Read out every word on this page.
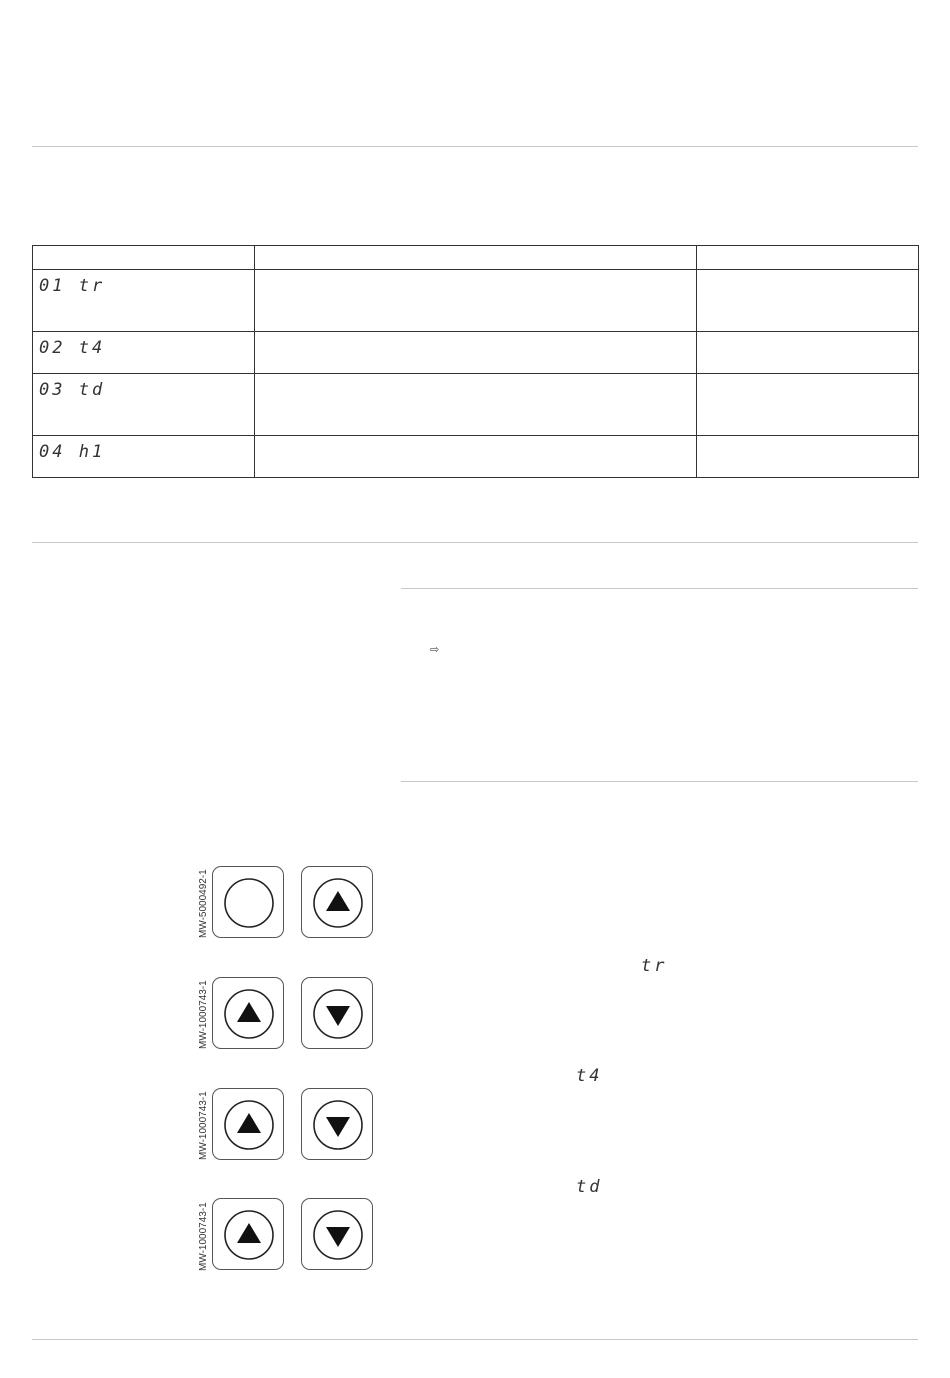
01 tr		
02 t4		
03 td		
04 h1		
⇨
tr
t4
td
MW-5000492-1
MW-1000743-1
MW-1000743-1
MW-1000743-1
